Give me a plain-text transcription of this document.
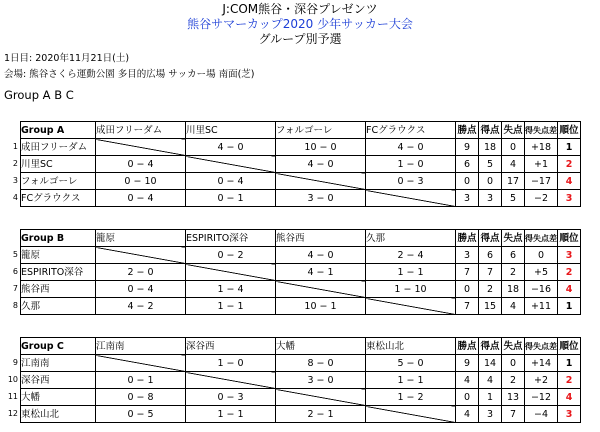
J:COM熊谷・深谷プレゼンツ
熊谷サマーカップ2020 少年サッカー大会
グループ別予選
1日目: 2020年11月21日(土)
会場: 熊谷さくら運動公園 多目的広場 サッカー場 南面(芝)
Group A B C
1
2
3
4
Group A	成田フリーダム	川里SC	フォルゴーレ	FCグラウクス	勝点	得点	失点	得失点差	順位
成田フリーダム		4 − 0	10 − 0	4 − 0	9	18	0	+18	1
川里SC	0 − 4		4 − 0	1 − 0	6	5	4	+1	2
フォルゴーレ	0 − 10	0 − 4		0 − 3	0	0	17	−17	4
FCグラウクス	0 − 4	0 − 1	3 − 0		3	3	5	−2	3
5
6
7
8
Group B	籠原	ESPIRITO深谷	熊谷西	久那	勝点	得点	失点	得失点差	順位
籠原		0 − 2	4 − 0	2 − 4	3	6	6	0	3
ESPIRITO深谷	2 − 0		4 − 1	1 − 1	7	7	2	+5	2
熊谷西	0 − 4	1 − 4		1 − 10	0	2	18	−16	4
久那	4 − 2	1 − 1	10 − 1		7	15	4	+11	1
9
10
11
12
Group C	江南南	深谷西	大幡	東松山北	勝点	得点	失点	得失点差	順位
江南南		1 − 0	8 − 0	5 − 0	9	14	0	+14	1
深谷西	0 − 1		3 − 0	1 − 1	4	4	2	+2	2
大幡	0 − 8	0 − 3		1 − 2	0	1	13	−12	4
東松山北	0 − 5	1 − 1	2 − 1		4	3	7	−4	3
